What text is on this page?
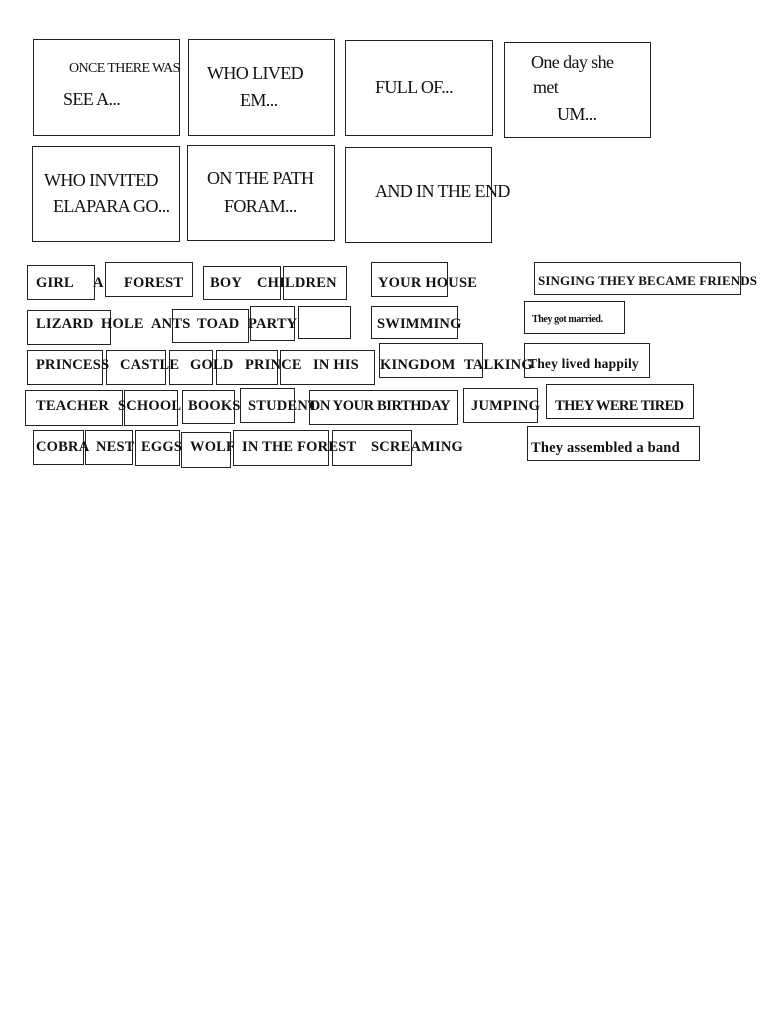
ONCE THERE WAS
SEE A...
WHO LIVED
EM...
FULL OF...
One day she
met
UM...
WHO INVITED
ELAPARA GO...
ON THE PATH
FORAM...
AND IN THE END
GIRL A FOREST BOY CHILDREN	YOUR HOUSE	SINGING THEY BECAME FRIENDS
LIZARD HOLE ANTS TOAD PARTY	SWIMMING	They got married.
PRINCESS CASTLE GOLD PRINCE IN HIS KINGDOM TALKING
They lived happily
TEACHER SCHOOL BOOKS STUDENT
ON YOUR BIRTHDAY JUMPING THEY WERE TIRED
COBRA NEST EGGS WOLF IN THE FOREST SCREAMING	They assembled a band
